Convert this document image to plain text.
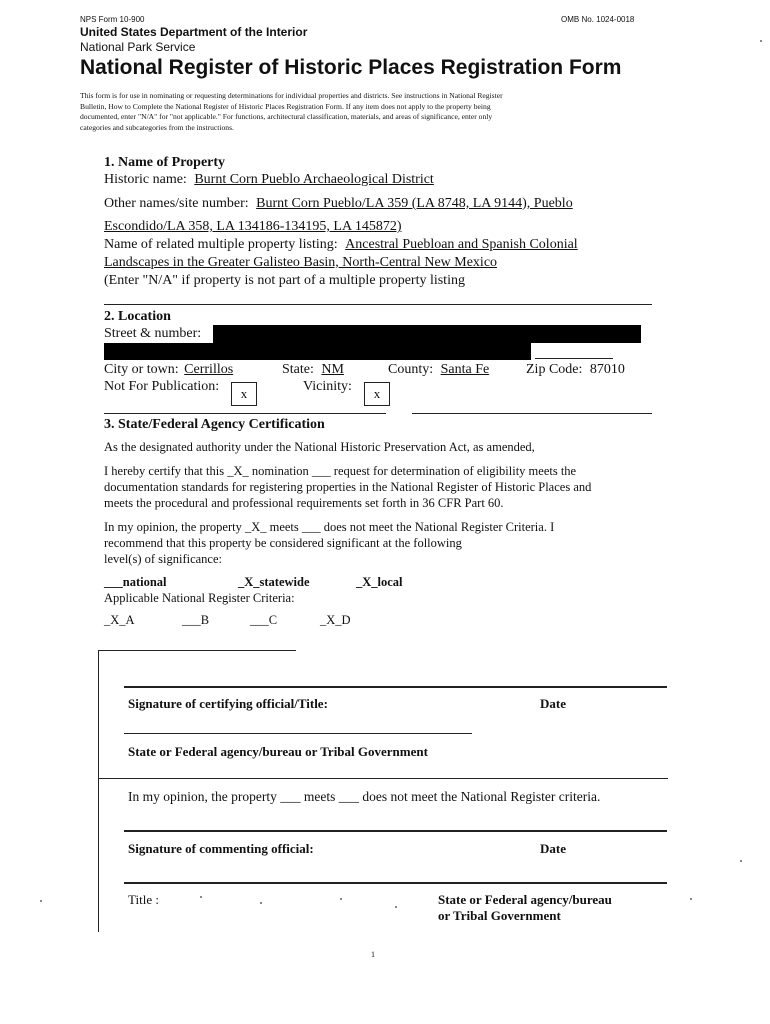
NPS Form 10-900	OMB No. 1024-0018
United States Department of the Interior
National Park Service
National Register of Historic Places Registration Form
This form is for use in nominating or requesting determinations for individual properties and districts. See instructions in National Register
Bulletin, How to Complete the National Register of Historic Places Registration Form. If any item does not apply to the property being
documented, enter "N/A" for "not applicable." For functions, architectural classification, materials, and areas of significance, enter only
categories and subcategories from the instructions.
1. Name of Property
Historic name: Burnt Corn Pueblo Archaeological District
Other names/site number: Burnt Corn Pueblo/LA 359 (LA 8748, LA 9144), Pueblo
Escondido/LA 358, LA 134186-134195, LA 145872)
Name of related multiple property listing: Ancestral Puebloan and Spanish Colonial
Landscapes in the Greater Galisteo Basin, North-Central New Mexico
(Enter "N/A" if property is not part of a multiple property listing
2. Location
Street & number:
City or town: Cerrillos	State: NM	County: Santa Fe	Zip Code: 87010
Not For Publication:	x	Vicinity:	x
3. State/Federal Agency Certification
As the designated authority under the National Historic Preservation Act, as amended,
I hereby certify that this _X_ nomination ___ request for determination of eligibility meets the
documentation standards for registering properties in the National Register of Historic Places and
meets the procedural and professional requirements set forth in 36 CFR Part 60.
In my opinion, the property _X_ meets ___ does not meet the National Register Criteria. I
recommend that this property be considered significant at the following
level(s) of significance:
___national	_X_statewide	_X_local
Applicable National Register Criteria:
_X_A	___B	___C	_X_D
Signature of certifying official/Title:	Date
State or Federal agency/bureau or Tribal Government
In my opinion, the property ___ meets ___ does not meet the National Register criteria.
Signature of commenting official:	Date
Title :	State or Federal agency/bureau
or Tribal Government
1
